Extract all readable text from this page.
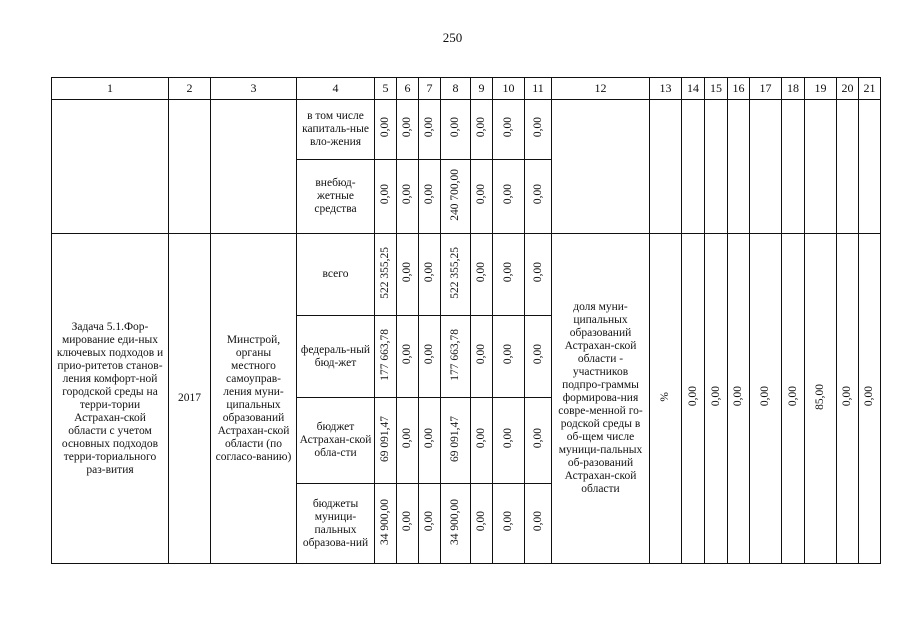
250
1	2	3	4	5	6	7	8	9	10	11	12	13	14	15	16	17	18	19	20	21

			в том числе капиталь-ные вло-жения	0,00	0,00	0,00	0,00	0,00	0,00	0,00										

			внебюд-жетные средства	0,00	0,00	0,00	240 700,00	0,00	0,00	0,00										

Задача 5.1.Фор-мирование еди-ных ключевых подходов и прио-ритетов станов-ления комфорт-ной городской среды на терри-тории Астрахан-ской области с учетом основных подходов терри-ториального раз-вития	2017	Минстрой, органы местного самоуправ-ления муни-ципальных образований Астрахан-ской области (по согласо-ванию)	всего	522 355,25	0,00	0,00	522 355,25	0,00	0,00	0,00	доля муни-ципальных образований Астрахан-ской области - участников подпро-граммы формирова-ния совре-менной го-родской среды в об-щем числе муници-пальных об-разований Астрахан-ской области	%	0,00	0,00	0,00	0,00	0,00	85,00	0,00	0,00

			федераль-ный бюд-жет	177 663,78	0,00	0,00	177 663,78	0,00	0,00	0,00										

			бюджет Астрахан-ской обла-сти	69 091,47	0,00	0,00	69 091,47	0,00	0,00	0,00										

			бюджеты муници-пальных образова-ний	34 900,00	0,00	0,00	34 900,00	0,00	0,00	0,00										
